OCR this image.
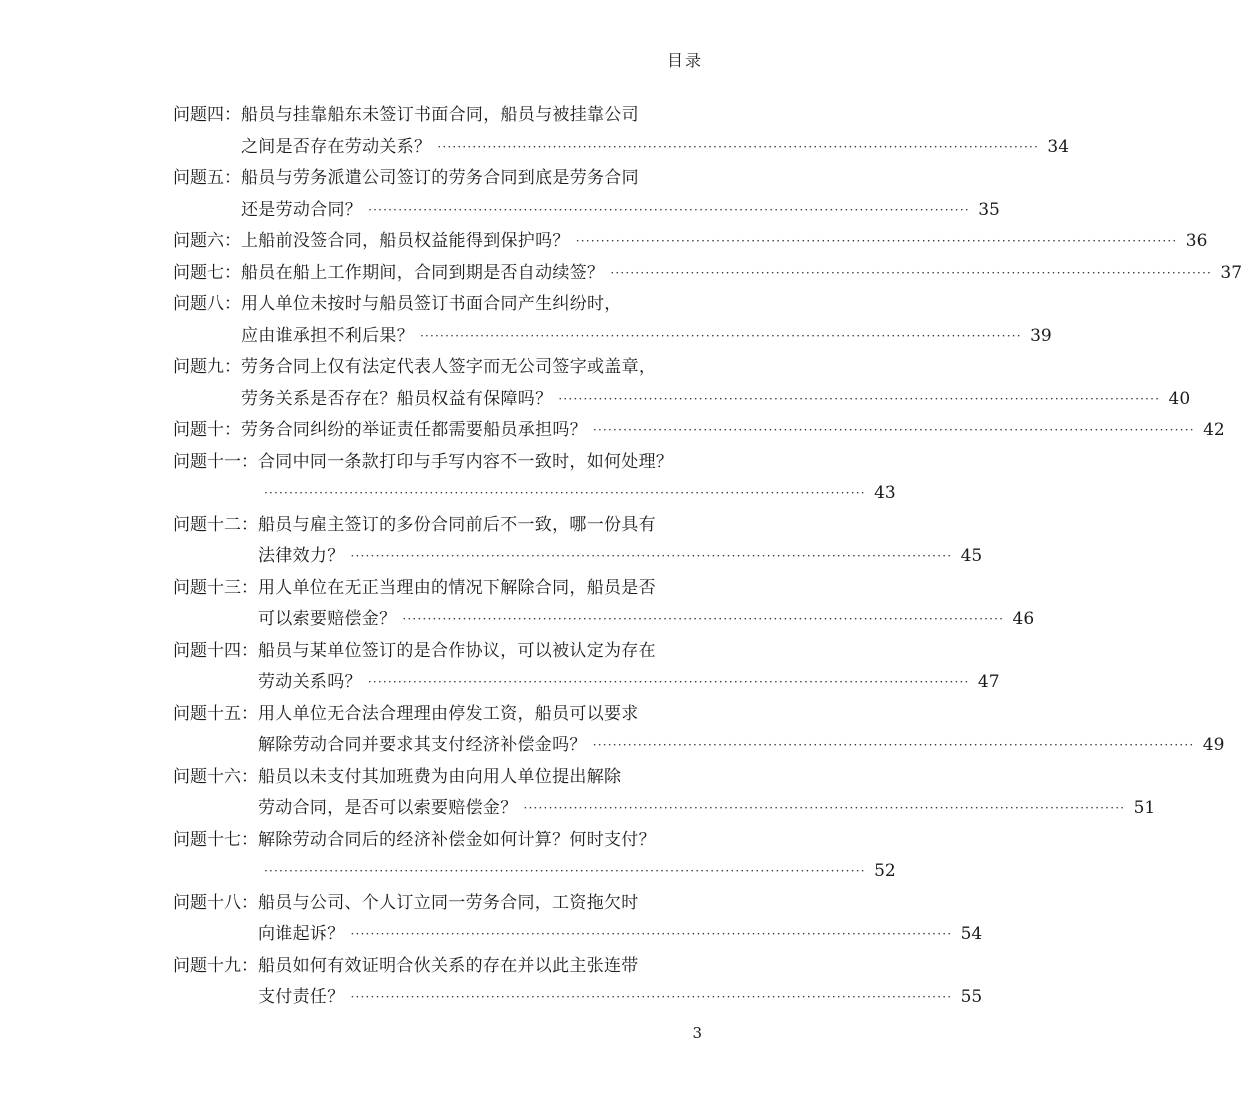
目录
问题四： 船员与挂靠船东未签订书面合同，船员与被挂靠公司
之间是否存在劳动关系？ ························································································································ 34
问题五： 船员与劳务派遣公司签订的劳务合同到底是劳务合同
还是劳动合同？ ························································································································ 35
问题六： 上船前没签合同，船员权益能得到保护吗？ ························································································································ 36
问题七： 船员在船上工作期间，合同到期是否自动续签？ ························································································································ 37
问题八： 用人单位未按时与船员签订书面合同产生纠纷时，
应由谁承担不利后果？ ························································································································ 39
问题九： 劳务合同上仅有法定代表人签字而无公司签字或盖章，
劳务关系是否存在？船员权益有保障吗？ ························································································································ 40
问题十： 劳务合同纠纷的举证责任都需要船员承担吗？ ························································································································ 42
问题十一： 合同中同一条款打印与手写内容不一致时，如何处理？
························································································································ 43
问题十二： 船员与雇主签订的多份合同前后不一致，哪一份具有
法律效力？ ························································································································ 45
问题十三： 用人单位在无正当理由的情况下解除合同，船员是否
可以索要赔偿金？ ························································································································ 46
问题十四： 船员与某单位签订的是合作协议，可以被认定为存在
劳动关系吗？ ························································································································ 47
问题十五： 用人单位无合法合理理由停发工资，船员可以要求
解除劳动合同并要求其支付经济补偿金吗？ ························································································································ 49
问题十六： 船员以未支付其加班费为由向用人单位提出解除
劳动合同，是否可以索要赔偿金？ ························································································································ 51
问题十七： 解除劳动合同后的经济补偿金如何计算？何时支付？
························································································································ 52
问题十八： 船员与公司、个人订立同一劳务合同，工资拖欠时
向谁起诉？ ························································································································ 54
问题十九： 船员如何有效证明合伙关系的存在并以此主张连带
支付责任？ ························································································································ 55
3
